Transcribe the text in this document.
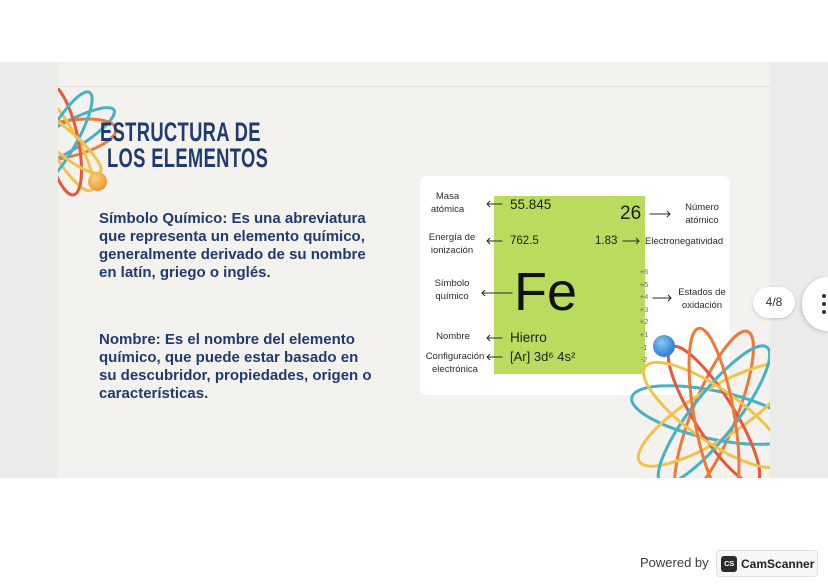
ESTRUCTURA DE
LOS ELEMENTOS
Símbolo Químico: Es una abreviatura
que representa un elemento químico,
generalmente derivado de su nombre
en latín, griego o inglés.
Nombre: Es el nombre del elemento
químico, que puede estar basado en
su descubridor, propiedades, origen o
características.
Masa
atómica
Energía de
ionización
Símbolo
químico
Nombre
Configuración
electrónica
55.845
762.5
Fe
Hierro
[Ar] 3d⁶ 4s²
26
1.83
+6
+5
+4
+3
+2
+1
-1
-2
Número
atómico
Electronegatividad
Estados de
oxidación	4/8
Powered by	CS CamScanner
